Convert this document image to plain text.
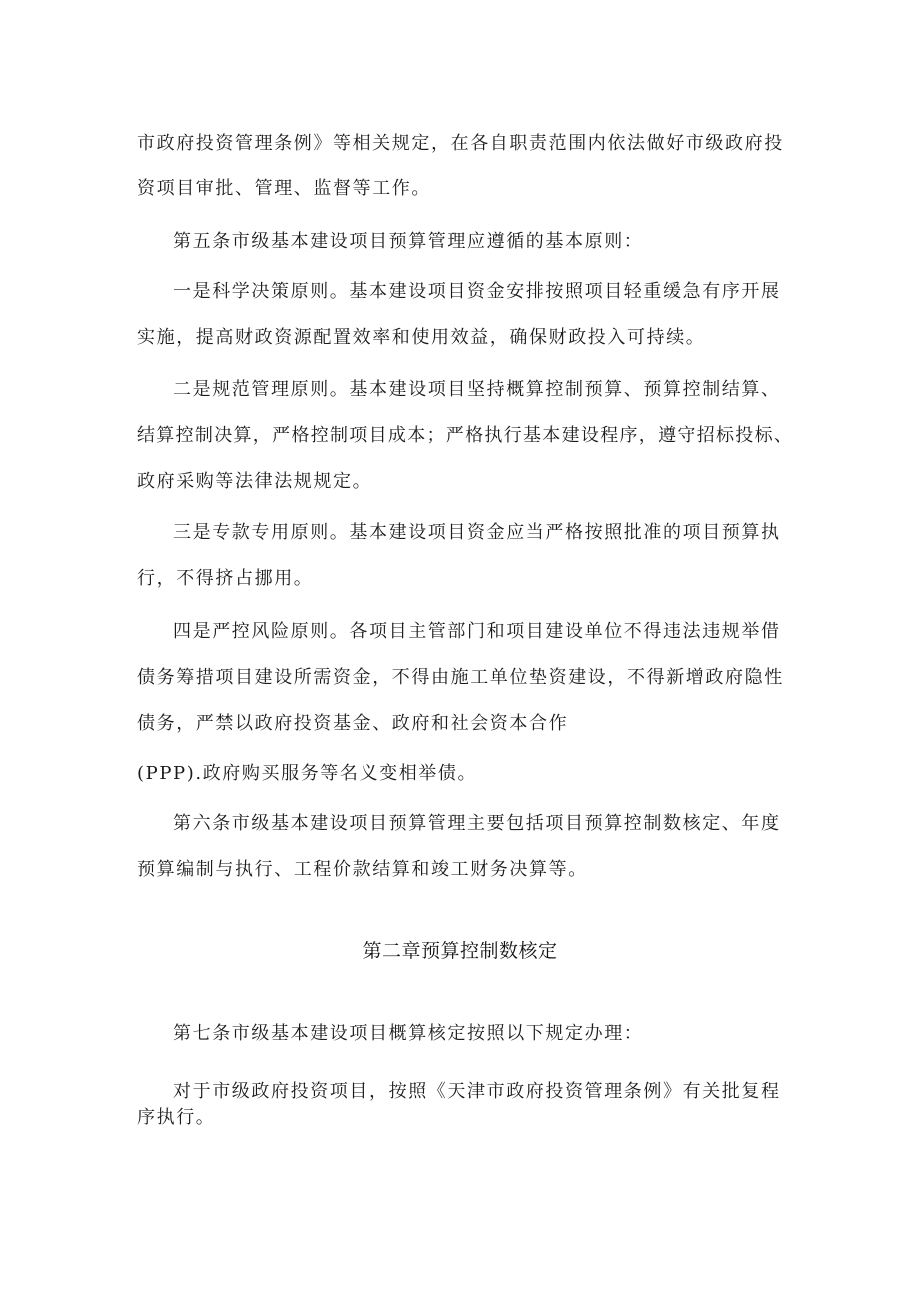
市政府投资管理条例》等相关规定，在各自职责范围内依法做好市级政府投
资项目审批、管理、监督等工作。
第五条市级基本建设项目预算管理应遵循的基本原则：
一是科学决策原则。基本建设项目资金安排按照项目轻重缓急有序开展
实施，提高财政资源配置效率和使用效益，确保财政投入可持续。
二是规范管理原则。基本建设项目坚持概算控制预算、预算控制结算、
结算控制决算，严格控制项目成本；严格执行基本建设程序，遵守招标投标、
政府采购等法律法规规定。
三是专款专用原则。基本建设项目资金应当严格按照批准的项目预算执
行，不得挤占挪用。
四是严控风险原则。各项目主管部门和项目建设单位不得违法违规举借
债务筹措项目建设所需资金，不得由施工单位垫资建设，不得新增政府隐性
债务，严禁以政府投资基金、政府和社会资本合作
(PPP).政府购买服务等名义变相举债。
第六条市级基本建设项目预算管理主要包括项目预算控制数核定、年度
预算编制与执行、工程价款结算和竣工财务决算等。
第二章预算控制数核定
第七条市级基本建设项目概算核定按照以下规定办理：
对于市级政府投资项目，按照《天津市政府投资管理条例》有关批复程
序执行。
